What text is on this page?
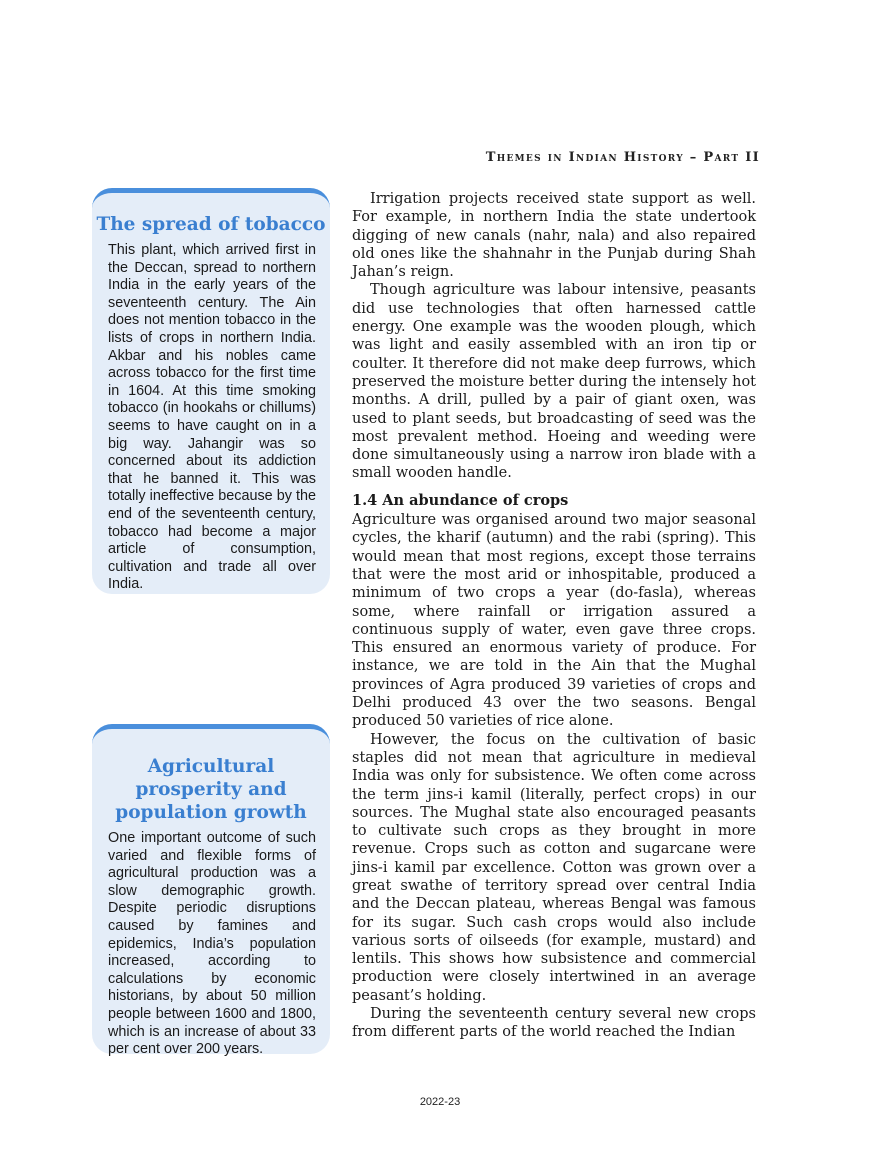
Themes in Indian History – Part II
The spread of tobacco
This plant, which arrived first in the Deccan, spread to northern India in the early years of the seventeenth century. The Ain does not mention tobacco in the lists of crops in northern India. Akbar and his nobles came across tobacco for the first time in 1604. At this time smoking tobacco (in hookahs or chillums) seems to have caught on in a big way. Jahangir was so concerned about its addiction that he banned it. This was totally ineffective because by the end of the seventeenth century, tobacco had become a major article of consumption, cultivation and trade all over India.
Agricultural prosperity and population growth
One important outcome of such varied and flexible forms of agricultural production was a slow demographic growth. Despite periodic disruptions caused by famines and epidemics, India’s population increased, according to calculations by economic historians, by about 50 million people between 1600 and 1800, which is an increase of about 33 per cent over 200 years.

Irrigation projects received state support as well. For example, in northern India the state undertook digging of new canals (nahr, nala) and also repaired old ones like the shahnahr in the Punjab during Shah Jahan’s reign.

Though agriculture was labour intensive, peasants did use technologies that often harnessed cattle energy. One example was the wooden plough, which was light and easily assembled with an iron tip or coulter. It therefore did not make deep furrows, which preserved the moisture better during the intensely hot months. A drill, pulled by a pair of giant oxen, was used to plant seeds, but broadcasting of seed was the most prevalent method. Hoeing and weeding were done simultaneously using a narrow iron blade with a small wooden handle.

1.4 An abundance of crops

Agriculture was organised around two major seasonal cycles, the kharif (autumn) and the rabi (spring). This would mean that most regions, except those terrains that were the most arid or inhospitable, produced a minimum of two crops a year (do-fasla), whereas some, where rainfall or irrigation assured a continuous supply of water, even gave three crops. This ensured an enormous variety of produce. For instance, we are told in the Ain that the Mughal provinces of Agra produced 39 varieties of crops and Delhi produced 43 over the two seasons. Bengal produced 50 varieties of rice alone.

However, the focus on the cultivation of basic staples did not mean that agriculture in medieval India was only for subsistence. We often come across the term jins-i kamil (literally, perfect crops) in our sources. The Mughal state also encouraged peasants to cultivate such crops as they brought in more revenue. Crops such as cotton and sugarcane were jins-i kamil par excellence. Cotton was grown over a great swathe of territory spread over central India and the Deccan plateau, whereas Bengal was famous for its sugar. Such cash crops would also include various sorts of oilseeds (for example, mustard) and lentils. This shows how subsistence and commercial production were closely intertwined in an average peasant’s holding.

During the seventeenth century several new crops from different parts of the world reached the Indian

2022-23
